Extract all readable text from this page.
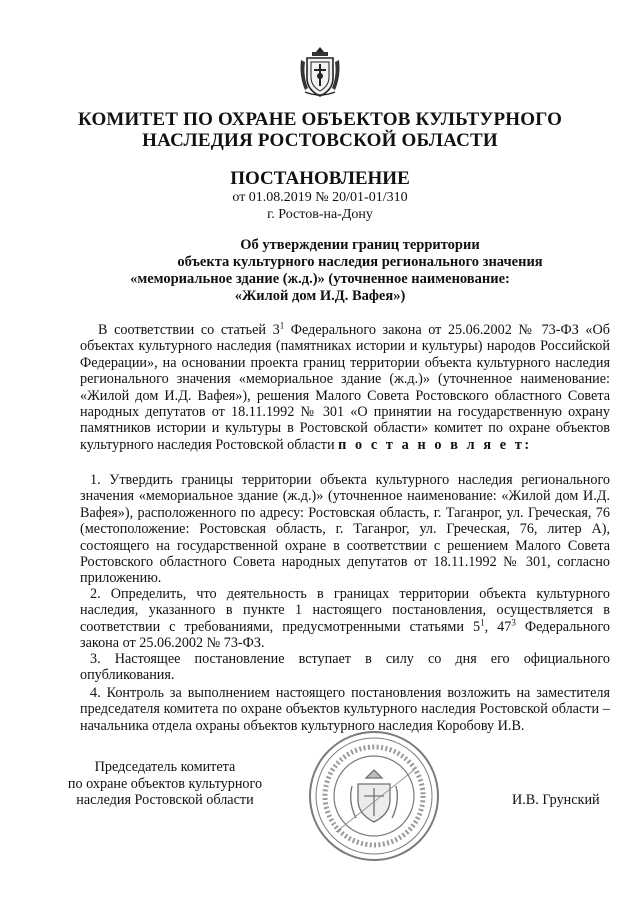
КОМИТЕТ ПО ОХРАНЕ ОБЪЕКТОВ КУЛЬТУРНОГО
НАСЛЕДИЯ РОСТОВСКОЙ ОБЛАСТИ
ПОСТАНОВЛЕНИЕ
от 01.08.2019 № 20/01-01/310
г. Ростов-на-Дону
Об утверждении границ территории
объекта культурного наследия регионального значения
«мемориальное здание (ж.д.)» (уточненное наименование:
«Жилой дом И.Д. Вафея»)
В соответствии со статьей $3^1$ Федерального закона от 25.06.2002 № 73-ФЗ «Об объектах культурного наследия (памятниках истории и культуры) народов Российской Федерации», на основании проекта границ территории объекта культурного наследия регионального значения «мемориальное здание (ж.д.)» (уточненное наименование: «Жилой дом И.Д. Вафея»), решения Малого Совета Ростовского областного Совета народных депутатов от 18.11.1992 № 301 «О принятии на государственную охрану памятников истории и культуры в Ростовской области» комитет по охране объектов культурного наследия Ростовской области п о с т а н о в л я е т:
1. Утвердить границы территории объекта культурного наследия регионального значения «мемориальное здание (ж.д.)» (уточненное наименование: «Жилой дом И.Д. Вафея»), расположенного по адресу: Ростовская область, г. Таганрог, ул. Греческая, 76 (местоположение: Ростовская область, г. Таганрог, ул. Греческая, 76, литер А), состоящего на государственной охране в соответствии с решением Малого Совета Ростовского областного Совета народных депутатов от 18.11.1992 № 301, согласно приложению.
2. Определить, что деятельность в границах территории объекта культурного наследия, указанного в пункте 1 настоящего постановления, осуществляется в соответствии с требованиями, предусмотренными статьями $5^1$, $47^3$ Федерального закона от 25.06.2002 № 73-ФЗ.
3. Настоящее постановление вступает в силу со дня его официального опубликования.
4. Контроль за выполнением настоящего постановления возложить на заместителя председателя комитета по охране объектов культурного наследия Ростовской области – начальника отдела охраны объектов культурного наследия Коробову И.В.
Председатель комитета
по охране объектов культурного
наследия Ростовской области	И.В. Грунский
